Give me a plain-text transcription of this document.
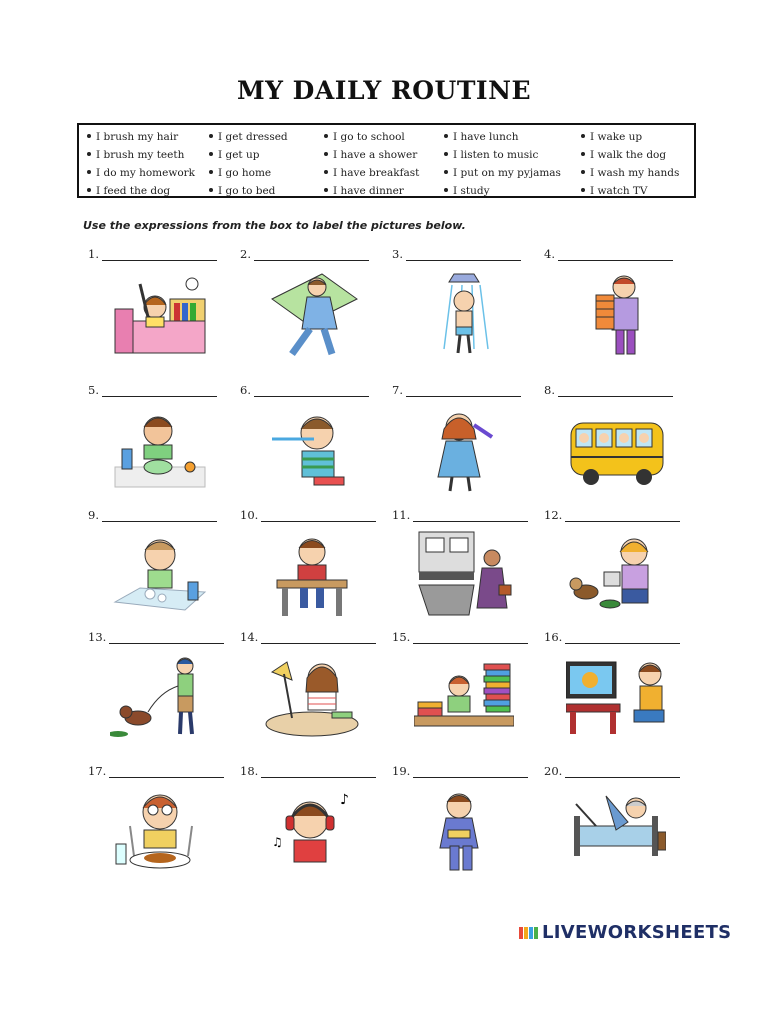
MY DAILY ROUTINE
I brush my hair
I brush my teeth
I do my homework
I feed the dog
I get dressed
I get up
I go home
I go to bed
I go to school
I have a shower
I have breakfast
I have dinner
I have lunch
I listen to music
I put on my pyjamas
I study
I wake up
I walk the dog
I wash my hands
I watch TV
Use the expressions from the box to label the pictures below.
1.	2.	3.	4.
5.	6.	7.	8.
9.	10.	11.	12.
13.	14.	15.	16.
17.	18.
♪
♫
19.	20.
LIVEWORKSHEETS
